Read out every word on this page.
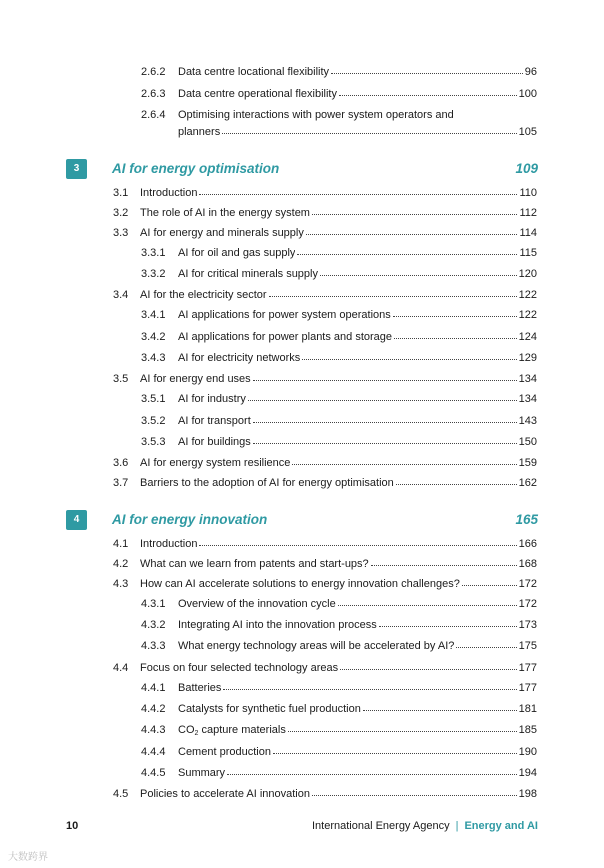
2.6.2	Data centre locational flexibility	96
2.6.3	Data centre operational flexibility	100
2.6.4	Optimising interactions with power system operators and
planners	105
3	AI for energy optimisation	109
3.1	Introduction	110
3.2	The role of AI in the energy system	112
3.3	AI for energy and minerals supply	114
3.3.1	AI for oil and gas supply	115
3.3.2	AI for critical minerals supply	120
3.4	AI for the electricity sector	122
3.4.1	AI applications for power system operations	122
3.4.2	AI applications for power plants and storage	124
3.4.3	AI for electricity networks	129
3.5	AI for energy end uses	134
3.5.1	AI for industry	134
3.5.2	AI for transport	143
3.5.3	AI for buildings	150
3.6	AI for energy system resilience	159
3.7	Barriers to the adoption of AI for energy optimisation	162
4	AI for energy innovation	165
4.1	Introduction	166
4.2	What can we learn from patents and start-ups?	168
4.3	How can AI accelerate solutions to energy innovation challenges?	172
4.3.1	Overview of the innovation cycle	172
4.3.2	Integrating AI into the innovation process	173
4.3.3	What energy technology areas will be accelerated by AI?	175
4.4	Focus on four selected technology areas	177
4.4.1	Batteries	177
4.4.2	Catalysts for synthetic fuel production	181
4.4.3	$CO_2$ capture materials	185
4.4.4	Cement production	190
4.4.5	Summary	194
4.5	Policies to accelerate AI innovation	198
10	International Energy Agency | Energy and AI
大数跨界
